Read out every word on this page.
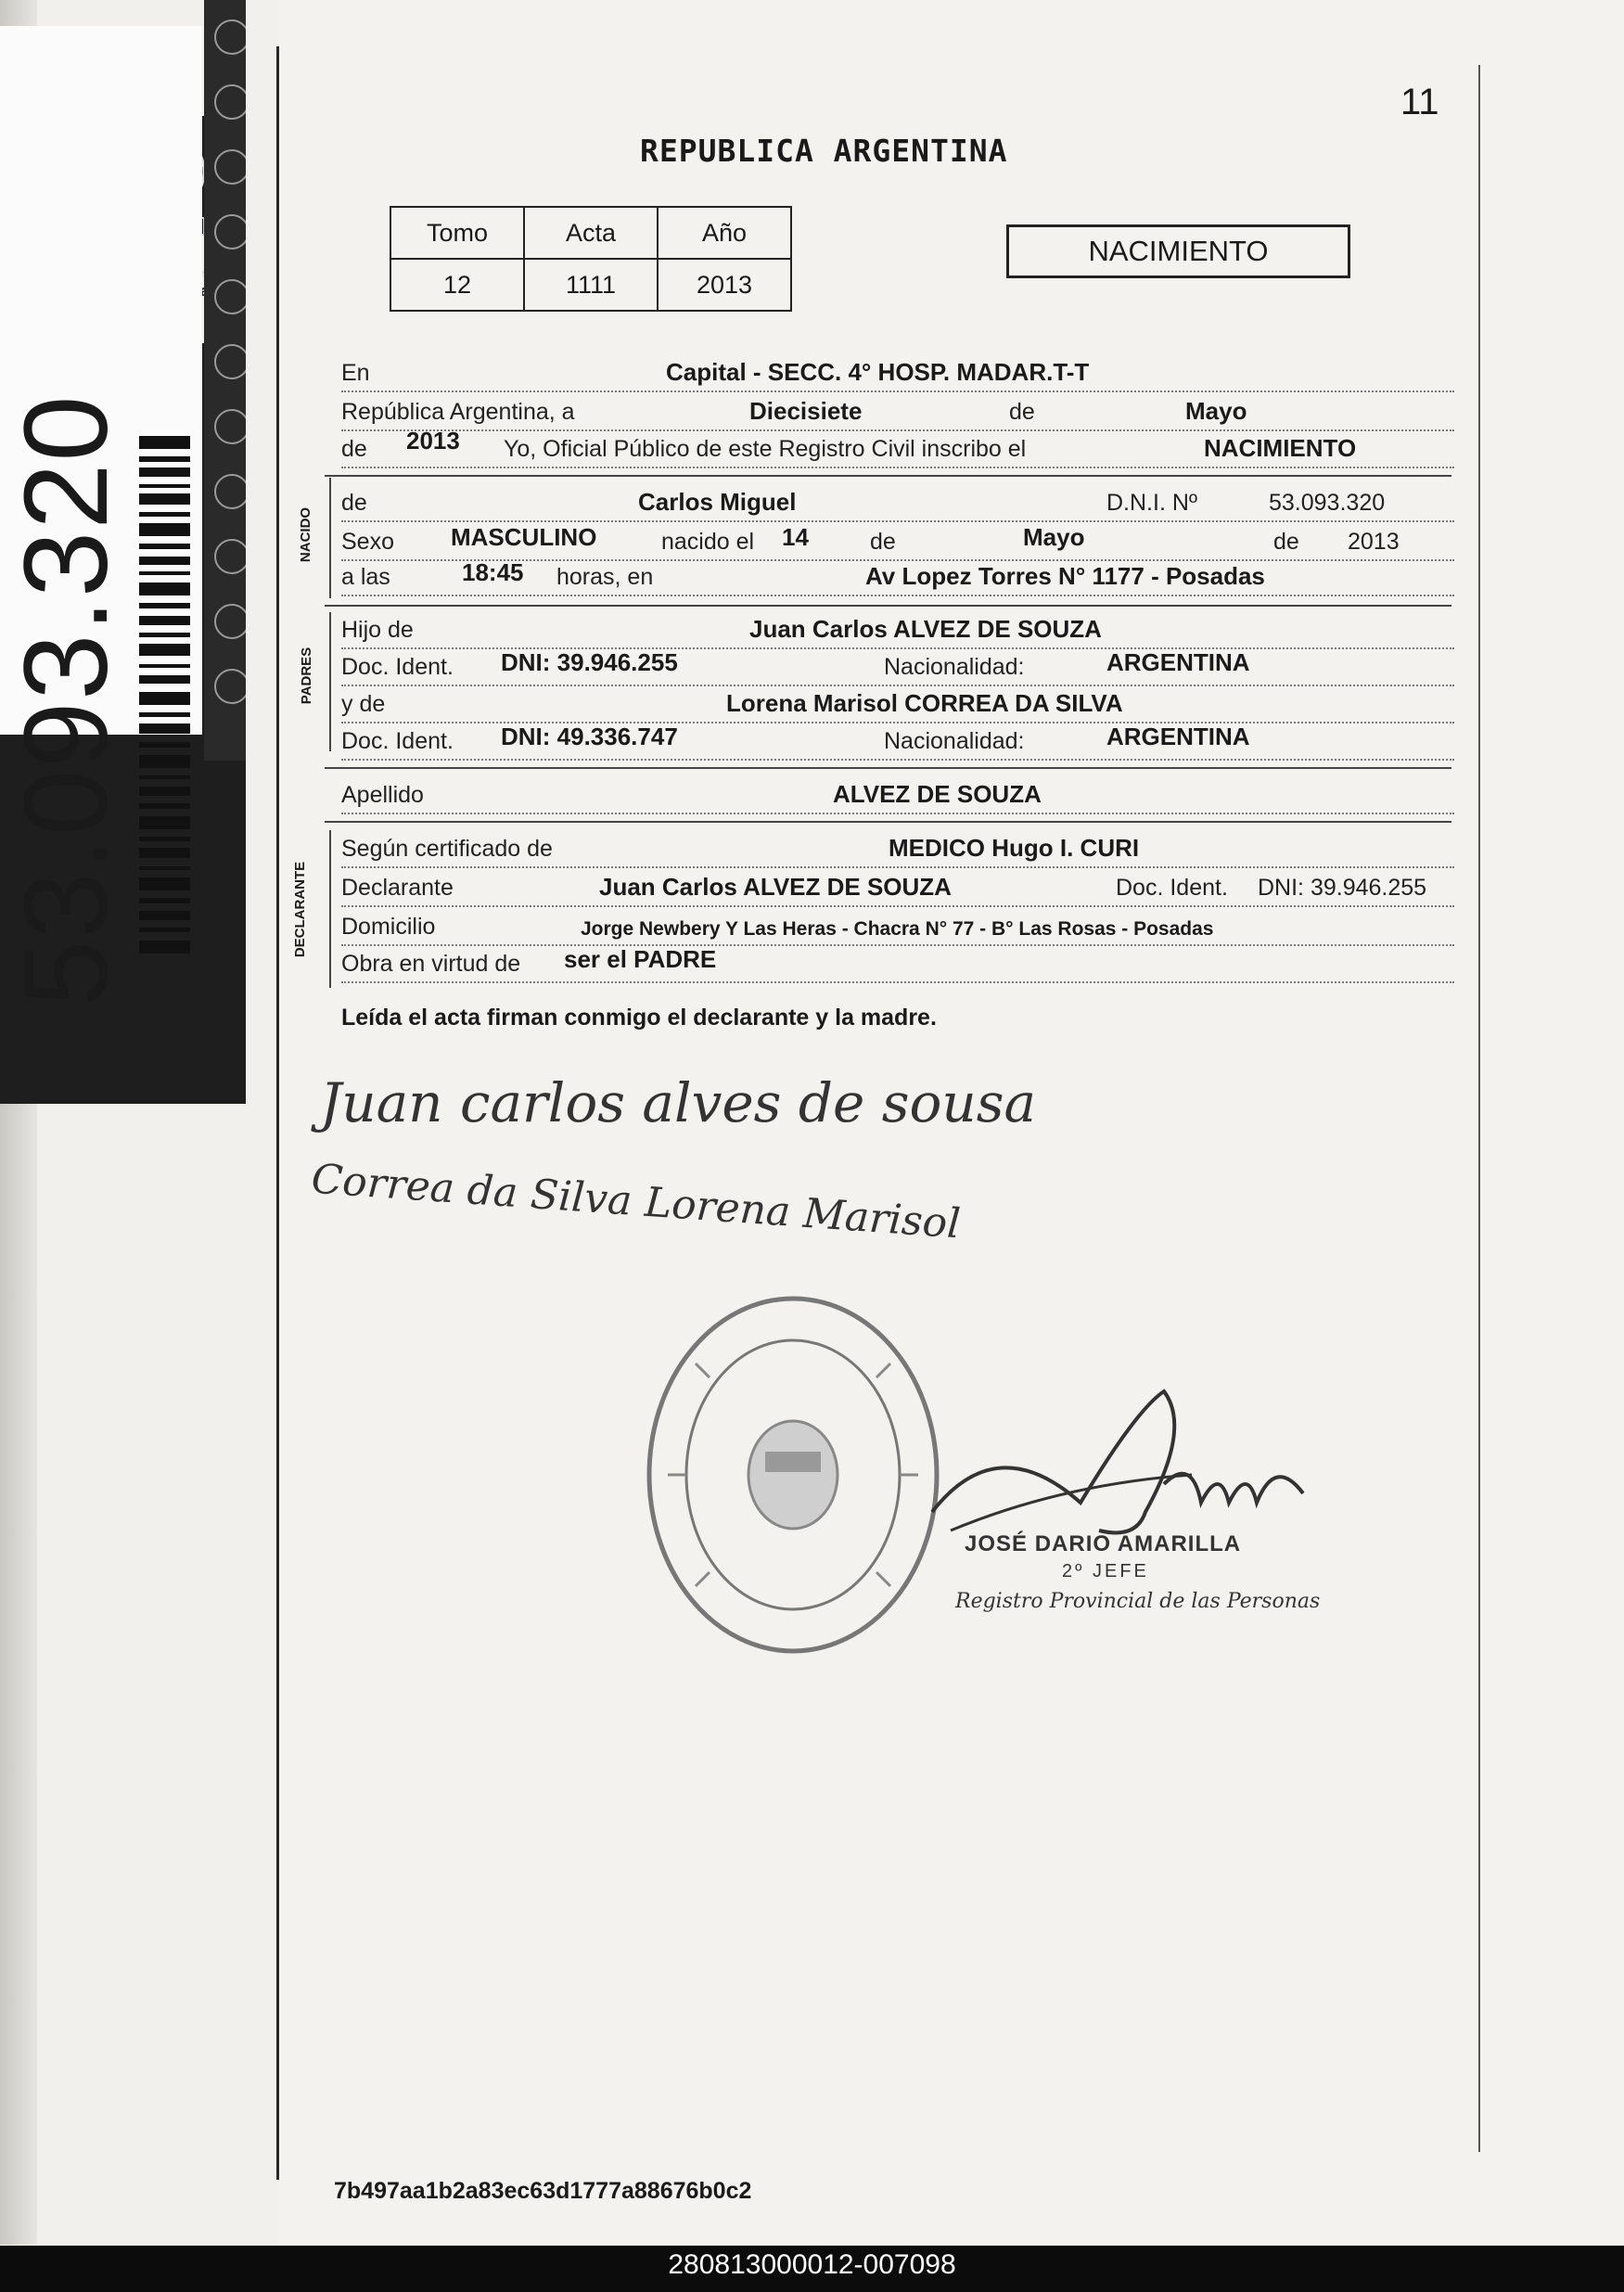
53.093.320
11
REPUBLICA ARGENTINA
Tomo	Acta	Año
12	1111	2013
NACIMIENTO
En	Capital - SECC. 4° HOSP. MADAR.T-T
República Argentina, a	Diecisiete	de	Mayo
de 2013 Yo, Oficial Público de este Registro Civil inscribo el	NACIMIENTO
NACIDO
de	Carlos Miguel	D.N.I. Nº	53.093.320
Sexo MASCULINO	nacido el 14	de	Mayo	de 2013
a las	18:45 horas, en	Av Lopez Torres N° 1177 - Posadas
PADRES
Hijo de	Juan Carlos ALVEZ DE SOUZA
Doc. Ident. DNI: 39.946.255	Nacionalidad:	ARGENTINA
y de	Lorena Marisol CORREA DA SILVA
Doc. Ident. DNI: 49.336.747	Nacionalidad:	ARGENTINA
Apellido	ALVEZ DE SOUZA
DECLARANTE
Según certificado de	MEDICO Hugo I. CURI
Declarante	Juan Carlos ALVEZ DE SOUZA	Doc. Ident. DNI: 39.946.255
Domicilio	Jorge Newbery Y Las Heras - Chacra N° 77 - B° Las Rosas - Posadas
Obra en virtud de ser el PADRE
Leída el acta firman conmigo el declarante y la madre.
Juan carlos alves de sousa
Correa da Silva Lorena Marisol
JOSÉ DARIO AMARILLA
2º JEFE
Registro Provincial de las Personas
7b497aa1b2a83ec63d1777a88676b0c2
280813000012-007098
